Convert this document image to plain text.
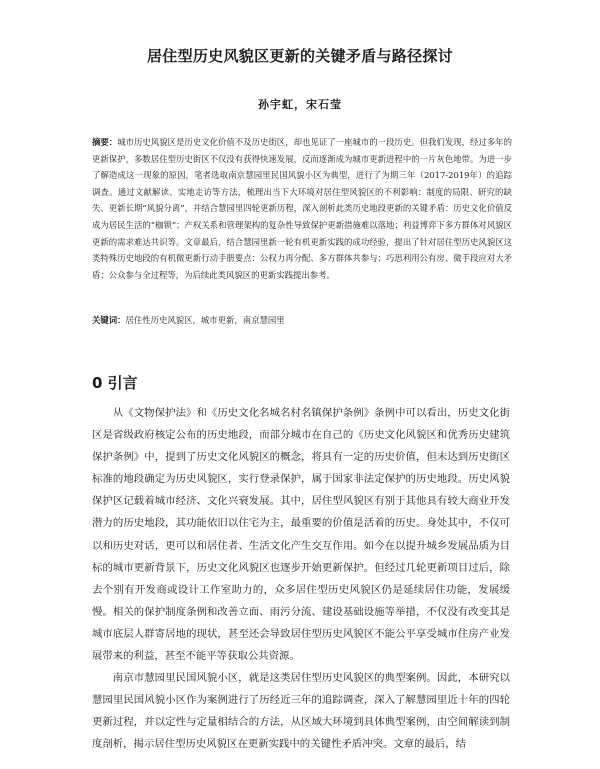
居住型历史风貌区更新的关键矛盾与路径探讨
孙宇虹，宋石莹
摘要：城市历史风貌区是历史文化价值不及历史街区，却也见证了一座城市的一段历史。但我们发现，经过多年的更新保护，多数居住型历史街区不仅没有获得快速发展，反而逐渐成为城市更新进程中的一片灰色地带。为进一步了解造成这一现象的原因，笔者选取南京慧园里民国风貌小区为典型，进行了为期三年（2017-2019年）的追踪调查。通过文献解读、实地走访等方法，梳理出当下大环境对居住型风貌区的不利影响：制度的局限、研究的缺失、更新长期“风貌分离”，并结合慧园里四轮更新历程，深入剖析此类历史地段更新的关键矛盾：历史文化价值反成为居民生活的“枷锁”；产权关系和管理架构的复杂性导致保护更新措施难以落地；利益博弈下多方群体对风貌区更新的需求难达共识等。文章最后，结合慧园里新一轮有机更新实践的成功经验，提出了针对居住型历史风貌区这类特殊历史地段的有机微更新行动手册要点：公权力再分配、多方群体共参与；巧思利用公有房、微手段应对大矛盾；公众参与全过程等，为后续此类风貌区的更新实践提出参考。
关键词：居住性历史风貌区，城市更新，南京慧园里
0 引言

从《文物保护法》和《历史文化名城名村名镇保护条例》条例中可以看出，历史文化街区是省级政府核定公布的历史地段，而部分城市在自己的《历史文化风貌区和优秀历史建筑保护条例》中，提到了历史文化风貌区的概念，将具有一定的历史价值，但未达到历史街区标准的地段确定为历史风貌区，实行登录保护，属于国家非法定保护的历史地段。历史风貌保护区记载着城市经济、文化兴衰发展。其中，居住型风貌区有别于其他具有较大商业开发潜力的历史地段，其功能依旧以住宅为主，最重要的价值是活着的历史。身处其中，不仅可以和历史对话，更可以和居住者、生活文化产生交互作用。如今在以提升城乡发展品质为目标的城市更新背景下，历史文化风貌区也逐步开始更新保护。但经过几轮更新项目过后，除去个别有开发商或设计工作室助力的，众多居住型历史风貌区仍是延续居住功能，发展缓慢。相关的保护制度条例和改善立面、雨污分流、建设基础设施等举措，不仅没有改变其是城市底层人群寄居地的现状，甚至还会导致居住型历史风貌区不能公平享受城市住房产业发展带来的利益，甚至不能平等获取公共资源。

南京市慧园里民国风貌小区，就是这类居住型历史风貌区的典型案例。因此，本研究以慧园里民国风貌小区作为案例进行了历经近三年的追踪调查，深入了解慧园里近十年的四轮更新过程，并以定性与定量相结合的方法，从区域大环境到具体典型案例，由空间解读到制度剖析，揭示居住型历史风貌区在更新实践中的关键性矛盾冲突。文章的最后，结
